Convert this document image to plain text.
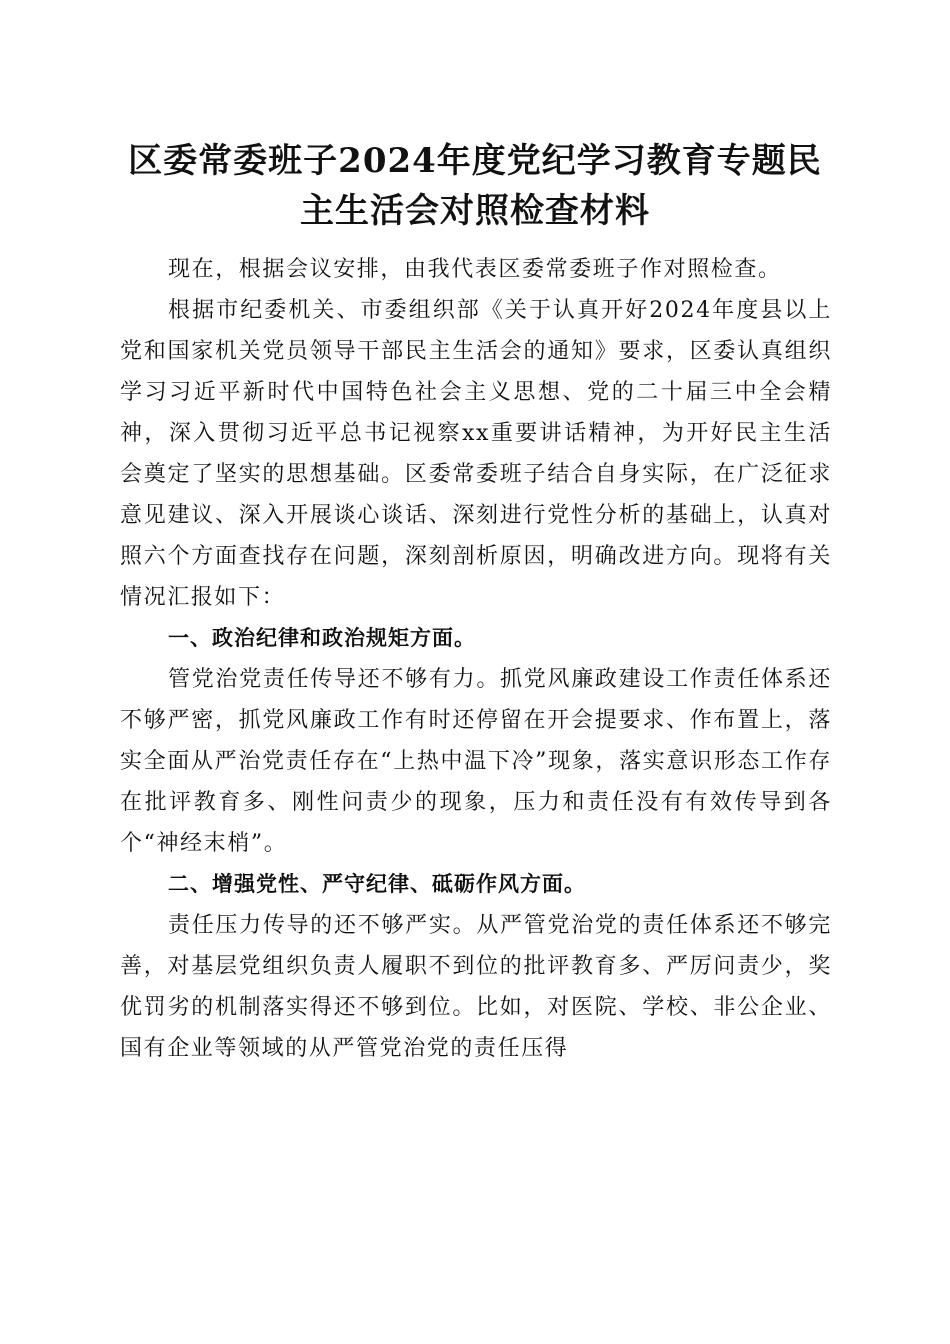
区委常委班子2024年度党纪学习教育专题民
主生活会对照检查材料

现在，根据会议安排，由我代表区委常委班子作对照检查。

根据市纪委机关、市委组织部《关于认真开好2024年度县以上党和国家机关党员领导干部民主生活会的通知》要求，区委认真组织学习习近平新时代中国特色社会主义思想、党的二十届三中全会精神，深入贯彻习近平总书记视察xx重要讲话精神，为开好民主生活会奠定了坚实的思想基础。区委常委班子结合自身实际，在广泛征求意见建议、深入开展谈心谈话、深刻进行党性分析的基础上，认真对照六个方面查找存在问题，深刻剖析原因，明确改进方向。现将有关情况汇报如下：

一、政治纪律和政治规矩方面。

管党治党责任传导还不够有力。抓党风廉政建设工作责任体系还不够严密，抓党风廉政工作有时还停留在开会提要求、作布置上，落实全面从严治党责任存在“上热中温下冷”现象，落实意识形态工作存在批评教育多、刚性问责少的现象，压力和责任没有有效传导到各个“神经末梢”。

二、增强党性、严守纪律、砥砺作风方面。

责任压力传导的还不够严实。从严管党治党的责任体系还不够完善，对基层党组织负责人履职不到位的批评教育多、严厉问责少，奖优罚劣的机制落实得还不够到位。比如，对医院、学校、非公企业、国有企业等领域的从严管党治党的责任压得
